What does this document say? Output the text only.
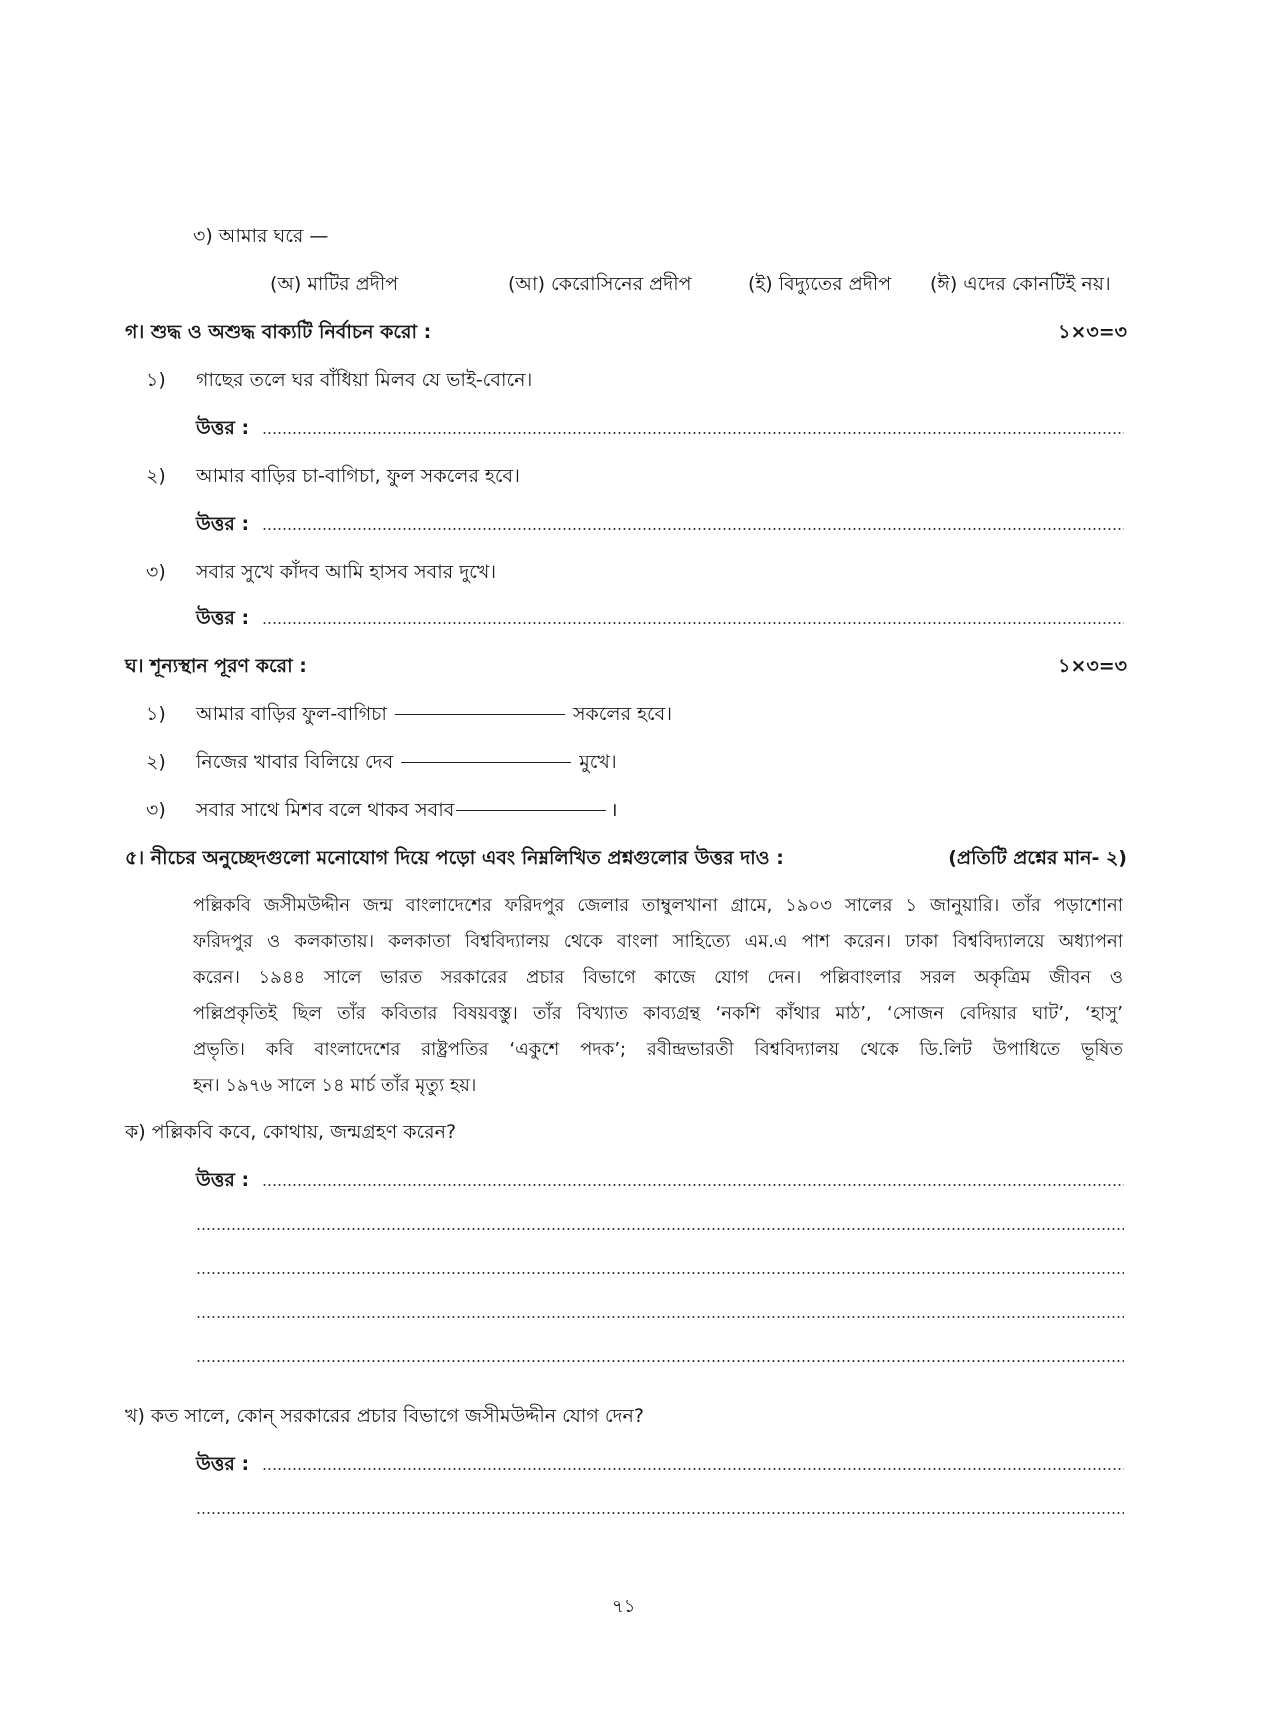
৩) আমার ঘরে —
(অ) মাটির প্রদীপ	(আ) কেরোসিনের প্রদীপ	(ই) বিদ্যুতের প্রদীপ (ঈ) এদের কোনটিই নয়।
গ। শুদ্ধ ও অশুদ্ধ বাক্যটি নির্বাচন করো :	১×৩=৩
১) গাছের তলে ঘর বাঁধিয়া মিলব যে ভাই-বোনে।
উত্তর :
২) আমার বাড়ির চা-বাগিচা, ফুল সকলের হবে।
উত্তর :
৩) সবার সুখে কাঁদব আমি হাসব সবার দুখে।
উত্তর :
ঘ। শূন্যস্থান পূরণ করো :	১×৩=৩
১) আমার বাড়ির ফুল-বাগিচা	সকলের হবে।
২) নিজের খাবার বিলিয়ে দেব	মুখে।
৩) সবার সাথে মিশব বলে থাকব সবাব	।
৫। নীচের অনুচ্ছেদগুলো মনোযোগ দিয়ে পড়ো এবং নিম্নলিখিত প্রশ্নগুলোর উত্তর দাও :	(প্রতিটি প্রশ্নের মান- ২)
পল্লিকবি জসীমউদ্দীন জন্ম বাংলাদেশের ফরিদপুর জেলার তাম্বুলখানা গ্রামে, ১৯০৩ সালের ১ জানুয়ারি। তাঁর পড়াশোনা
ফরিদপুর ও কলকাতায়। কলকাতা বিশ্ববিদ্যালয় থেকে বাংলা সাহিত্যে এম.এ পাশ করেন। ঢাকা বিশ্ববিদ্যালয়ে অধ্যাপনা
করেন। ১৯৪৪ সালে ভারত সরকারের প্রচার বিভাগে কাজে যোগ দেন। পল্লিবাংলার সরল অকৃত্রিম জীবন ও
পল্লিপ্রকৃতিই ছিল তাঁর কবিতার বিষয়বস্তু। তাঁর বিখ্যাত কাব্যগ্রন্থ ‘নকশি কাঁথার মাঠ’, ‘সোজন বেদিয়ার ঘাট’, ‘হাসু’
প্রভৃতি। কবি বাংলাদেশের রাষ্ট্রপতির ‘একুশে পদক’; রবীন্দ্রভারতী বিশ্ববিদ্যালয় থেকে ডি.লিট উপাধিতে ভূষিত
হন। ১৯৭৬ সালে ১৪ মার্চ তাঁর মৃত্যু হয়।
ক) পল্লিকবি কবে, কোথায়, জন্মগ্রহণ করেন?
উত্তর :
খ) কত সালে, কোন্ সরকারের প্রচার বিভাগে জসীমউদ্দীন যোগ দেন?
উত্তর :
৭১
